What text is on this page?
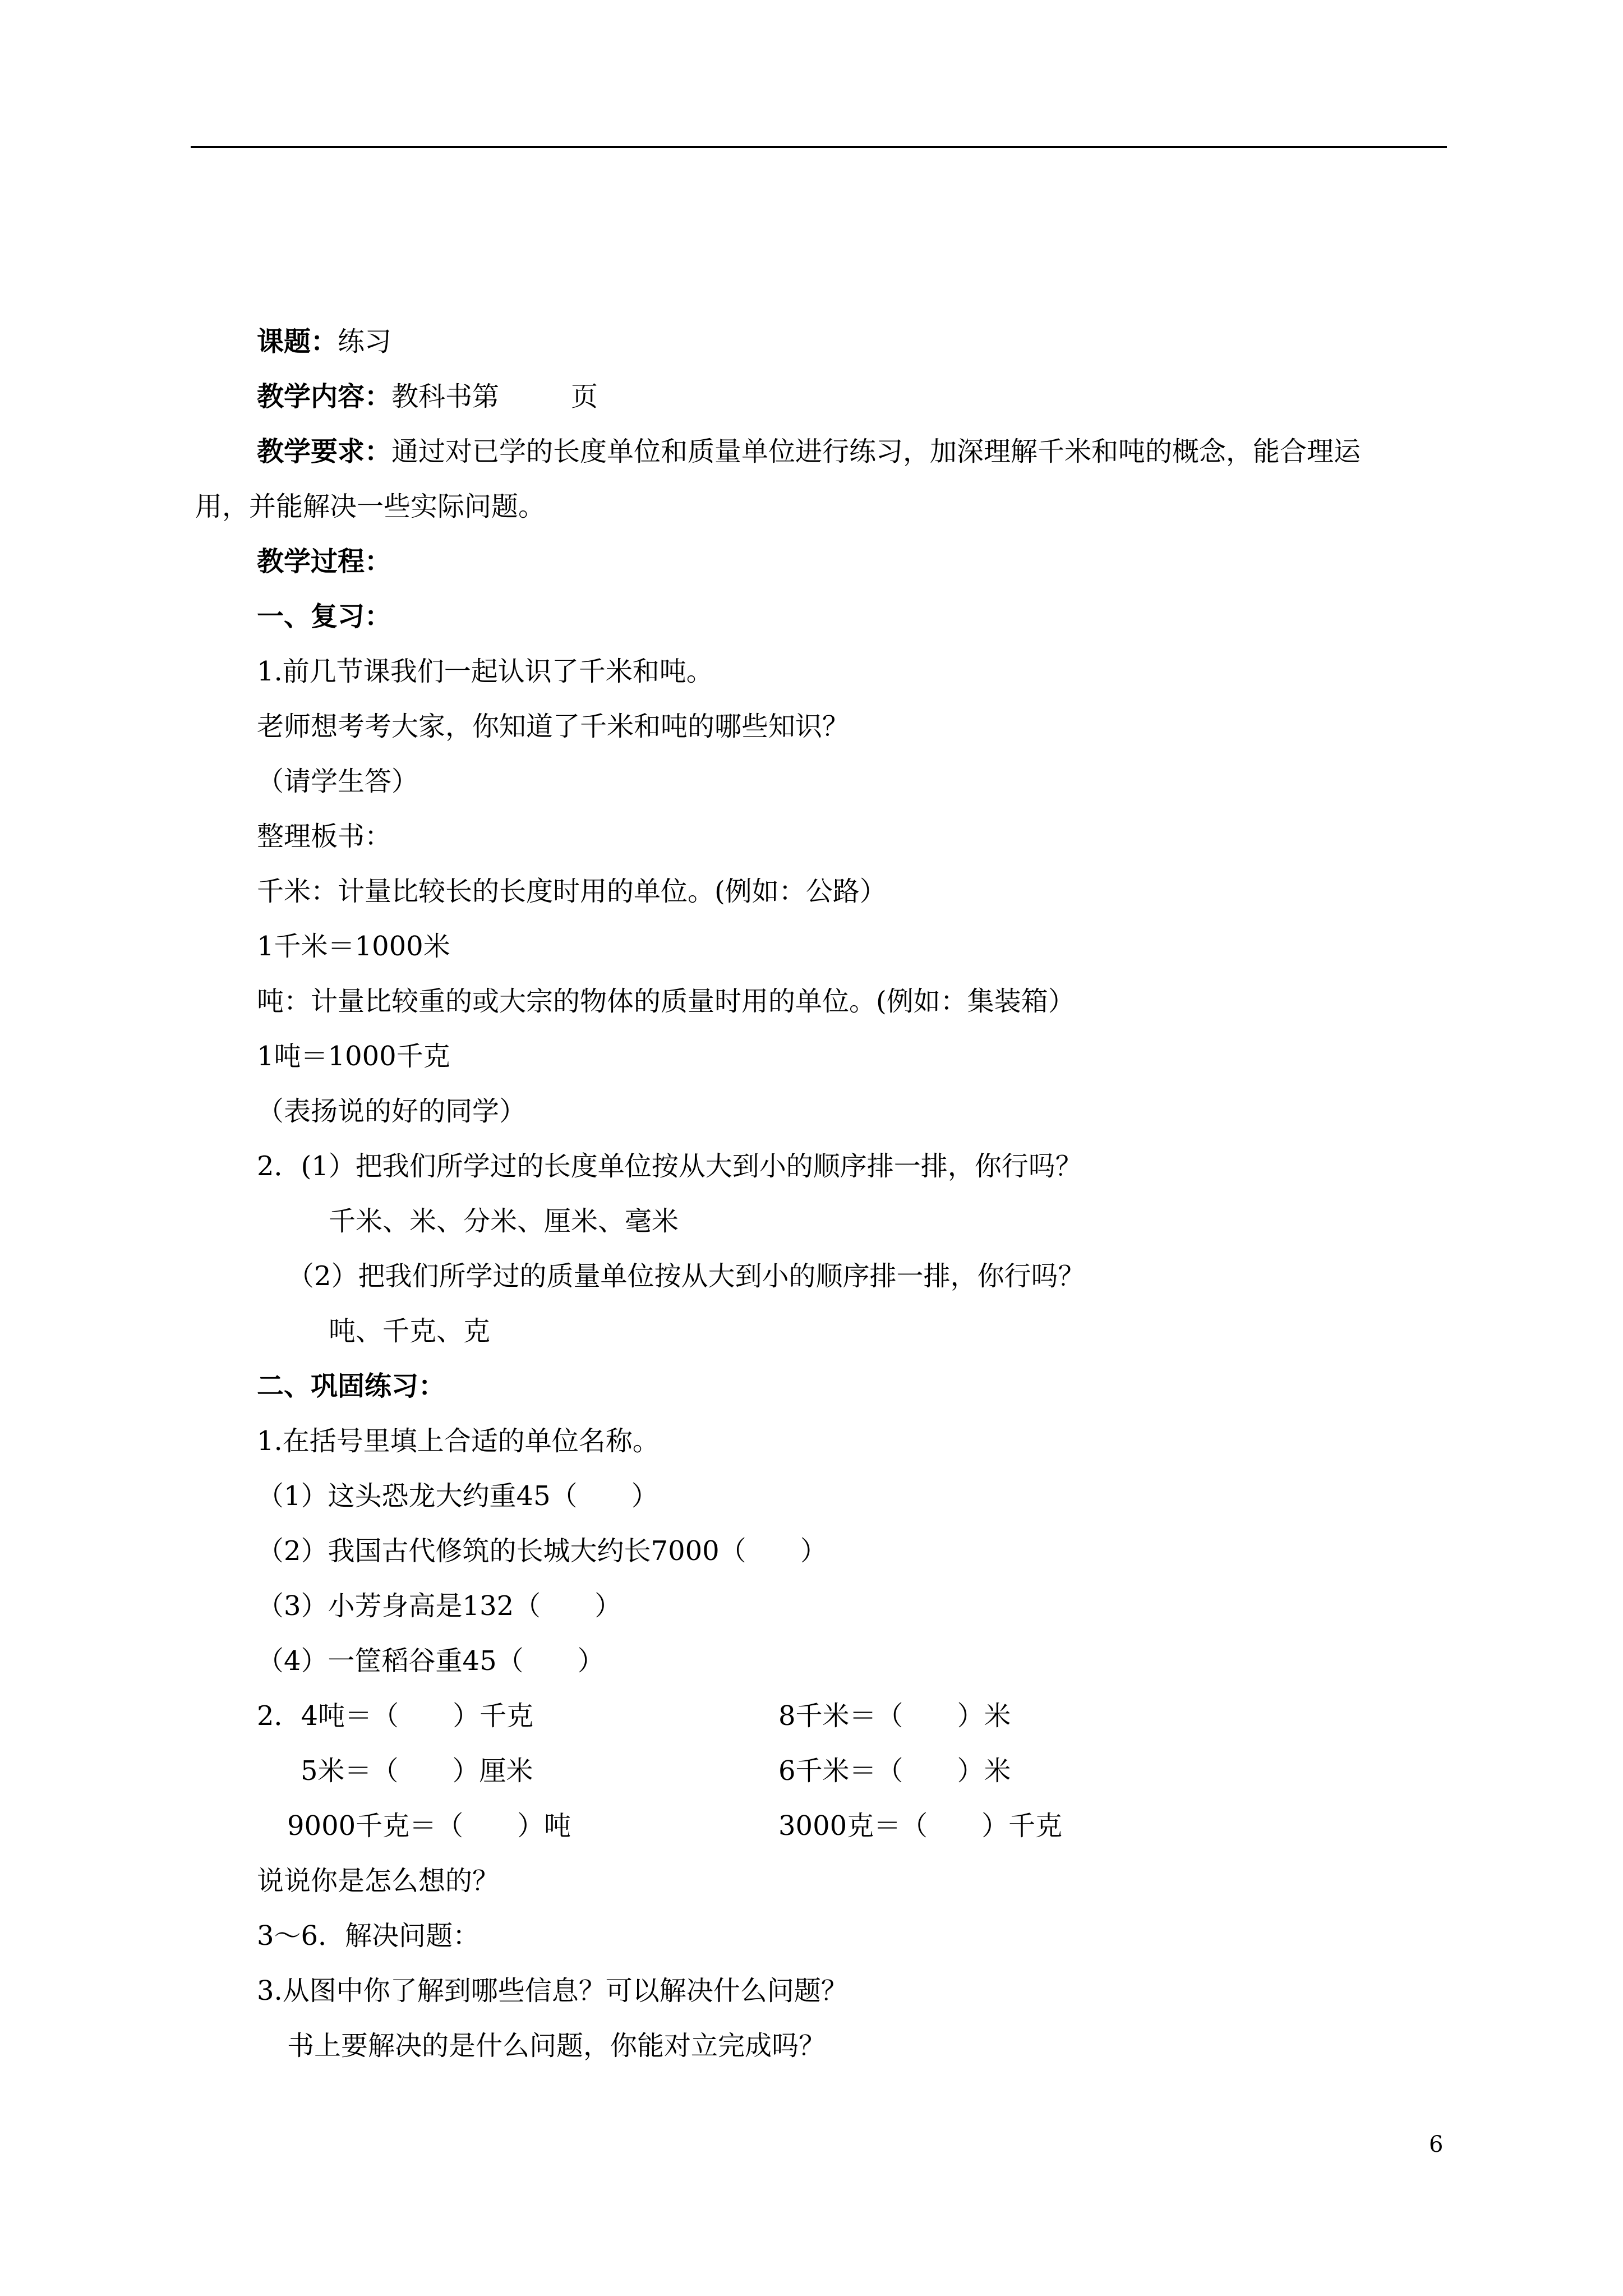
课题：练习
教学内容：教科书第	页
教学要求：通过对已学的长度单位和质量单位进行练习，加深理解千米和吨的概念，能合理运
用，并能解决一些实际问题。
教学过程：
一、复习：
1.前几节课我们一起认识了千米和吨。
老师想考考大家，你知道了千米和吨的哪些知识？
（请学生答）
整理板书：
千米：计量比较长的长度时用的单位。(例如：公路）
1千米＝1000米
吨：计量比较重的或大宗的物体的质量时用的单位。(例如：集装箱）
1吨＝1000千克
（表扬说的好的同学）
2．(1）把我们所学过的长度单位按从大到小的顺序排一排，你行吗？
千米、米、分米、厘米、毫米
（2）把我们所学过的质量单位按从大到小的顺序排一排，你行吗？
吨、千克、克
二、巩固练习：
1.在括号里填上合适的单位名称。
（1）这头恐龙大约重45（　　）
（2）我国古代修筑的长城大约长7000（　　）
（3）小芳身高是132（　　）
（4）一筐稻谷重45（　　）
2．4吨＝（　　）千克	8千米＝（　　）米
5米＝（　　）厘米	6千米＝（　　）米
9000千克＝（　　）吨	3000克＝（　　）千克
说说你是怎么想的？
3～6．解决问题：
3.从图中你了解到哪些信息？可以解决什么问题？
书上要解决的是什么问题，你能对立完成吗？
6
